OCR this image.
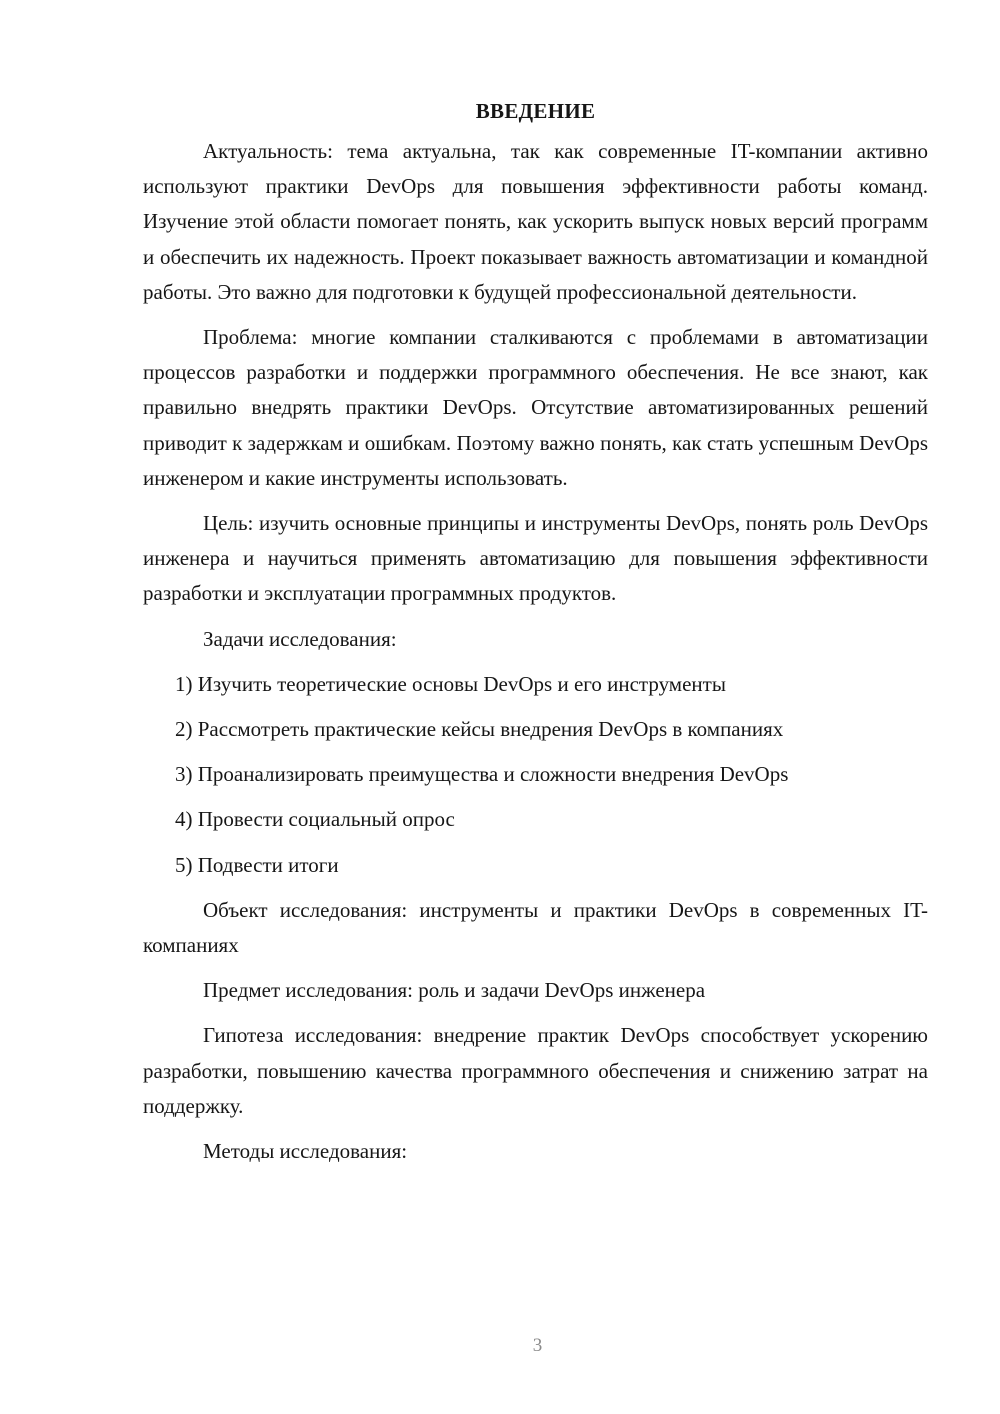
ВВЕДЕНИЕ

Актуальность: тема актуальна, так как современные IT-компании активно используют практики DevOps для повышения эффективности работы команд. Изучение этой области помогает понять, как ускорить выпуск новых версий программ и обеспечить их надежность. Проект показывает важность автоматизации и командной работы. Это важно для подготовки к будущей профессиональной деятельности.

Проблема: многие компании сталкиваются с проблемами в автоматизации процессов разработки и поддержки программного обеспечения. Не все знают, как правильно внедрять практики DevOps. Отсутствие автоматизированных решений приводит к задержкам и ошибкам. Поэтому важно понять, как стать успешным DevOps инженером и какие инструменты использовать.

Цель: изучить основные принципы и инструменты DevOps, понять роль DevOps инженера и научиться применять автоматизацию для повышения эффективности разработки и эксплуатации программных продуктов.

Задачи исследования:

1) Изучить теоретические основы DevOps и его инструменты
2) Рассмотреть практические кейсы внедрения DevOps в компаниях
3) Проанализировать преимущества и сложности внедрения DevOps
4) Провести социальный опрос
5) Подвести итоги

Объект исследования: инструменты и практики DevOps в современных IT-компаниях

Предмет исследования: роль и задачи DevOps инженера

Гипотеза исследования: внедрение практик DevOps способствует ускорению разработки, повышению качества программного обеспечения и снижению затрат на поддержку.

Методы исследования:

3
